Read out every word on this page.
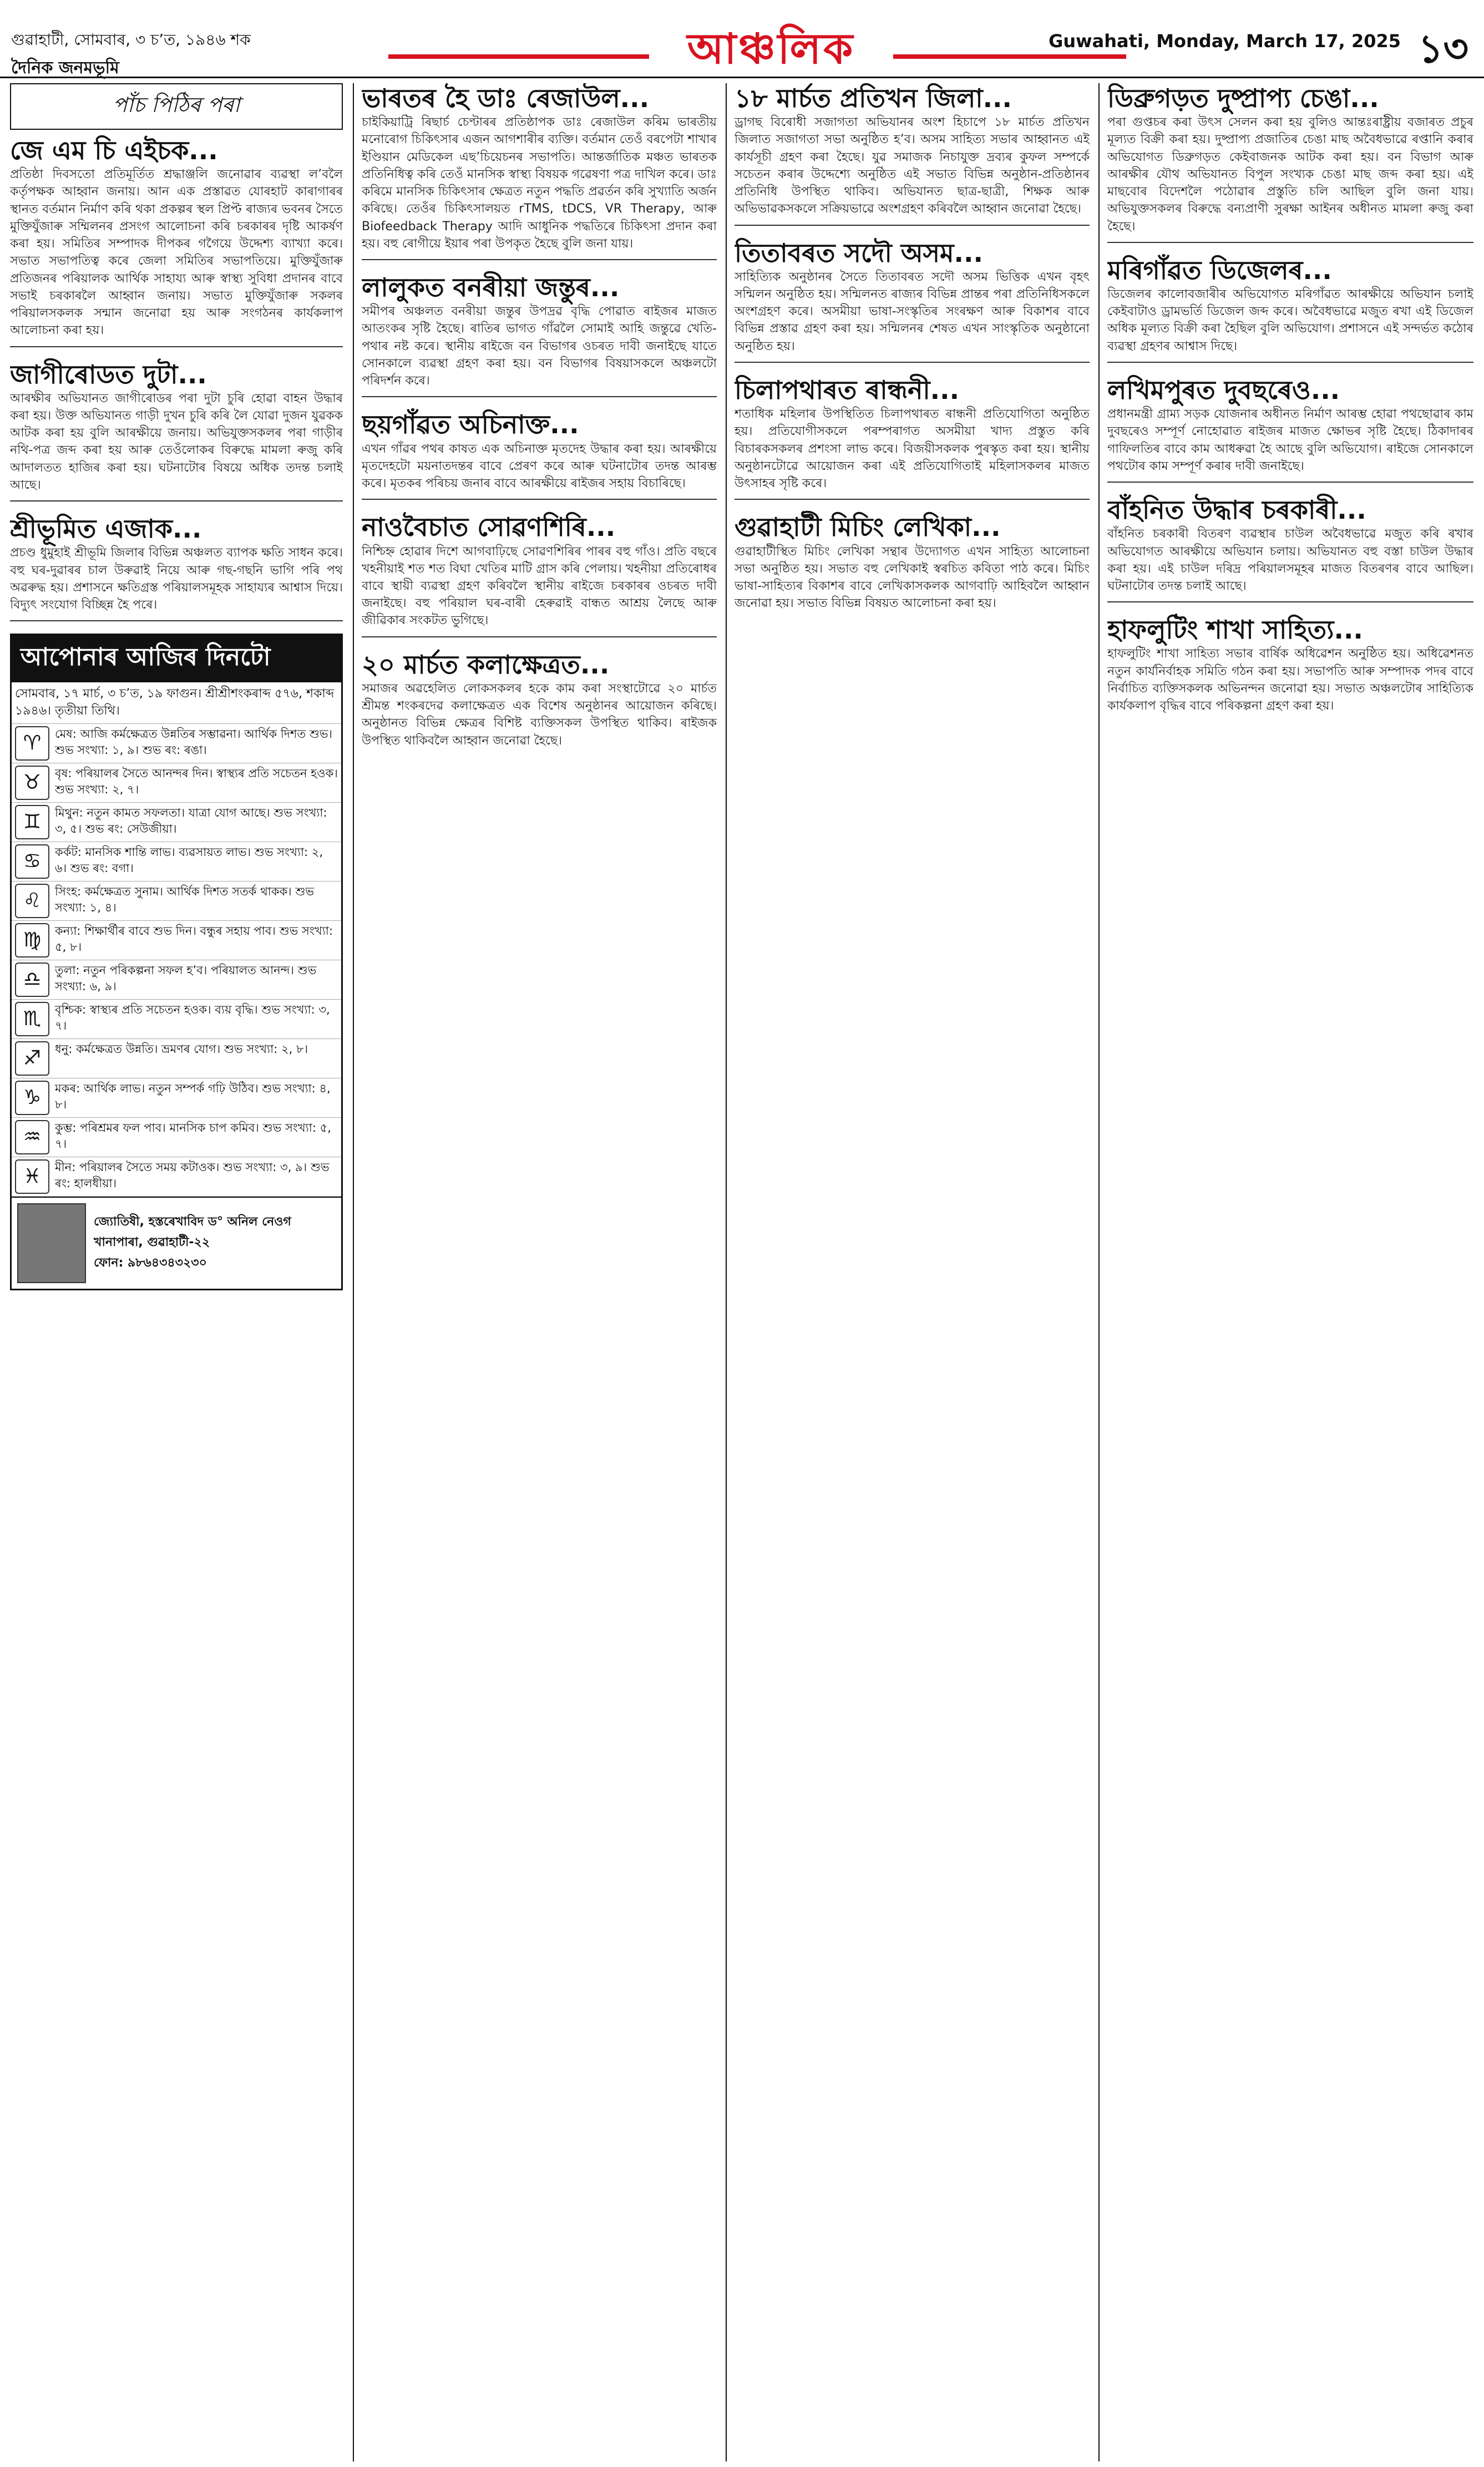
গুৱাহাটী, সোমবাৰ, ৩ চ’ত, ১৯৪৬ শক
দৈনিক জনমভূমি	আঞ্চলিক	Guwahati, Monday, March 17, 2025 ১৩
পাঁচ পিঠিৰ পৰা
জে এম চি এইচক...
প্ৰতিষ্ঠা দিবসতো প্ৰতিমূৰ্তিত শ্ৰদ্ধাঞ্জলি জনোৱাৰ ব্যৱস্থা ল’বলৈ কৰ্তৃপক্ষক আহ্বান জনায়। আন এক প্ৰস্তাৱত যোৰহাট কাৰাগাৰৰ স্থানত বৰ্তমান নিৰ্মাণ কৰি থকা প্ৰকল্পৰ স্থল প্ৰিপ্ট ৰাজ্যৰ ভবনৰ সৈতে মুক্তিযুঁজাৰু সম্মিলনৰ প্ৰসংগ আলোচনা কৰি চৰকাৰৰ দৃষ্টি আকৰ্ষণ কৰা হয়। সমিতিৰ সম্পাদক দীপকৰ গগৈয়ে উদ্দেশ্য ব্যাখ্যা কৰে। সভাত সভাপতিত্ব কৰে জেলা সমিতিৰ সভাপতিয়ে। মুক্তিযুঁজাৰু প্ৰতিজনৰ পৰিয়ালক আৰ্থিক সাহায্য আৰু স্বাস্থ্য সুবিধা প্ৰদানৰ বাবে সভাই চৰকাৰলৈ আহ্বান জনায়। সভাত মুক্তিযুঁজাৰু সকলৰ পৰিয়ালসকলক সন্মান জনোৱা হয় আৰু সংগঠনৰ কাৰ্যকলাপ আলোচনা কৰা হয়।
জাগীৰোডত দুটা...
আৰক্ষীৰ অভিযানত জাগীৰোডৰ পৰা দুটা চুৰি হোৱা বাহন উদ্ধাৰ কৰা হয়। উক্ত অভিযানত গাড়ী দুখন চুৰি কৰি লৈ যোৱা দুজন যুৱকক আটক কৰা হয় বুলি আৰক্ষীয়ে জনায়। অভিযুক্তসকলৰ পৰা গাড়ীৰ নথি-পত্ৰ জব্দ কৰা হয় আৰু তেওঁলোকৰ বিৰুদ্ধে মামলা ৰুজু কৰি আদালতত হাজিৰ কৰা হয়। ঘটনাটোৰ বিষয়ে অধিক তদন্ত চলাই আছে।
শ্ৰীভূমিত এজাক...
প্ৰচণ্ড ধুমুহাই শ্ৰীভূমি জিলাৰ বিভিন্ন অঞ্চলত ব্যাপক ক্ষতি সাধন কৰে। বহু ঘৰ-দুৱাৰৰ চাল উৰুৱাই নিয়ে আৰু গছ-গছনি ভাগি পৰি পথ অৱৰুদ্ধ হয়। প্ৰশাসনে ক্ষতিগ্ৰস্ত পৰিয়ালসমূহক সাহায্যৰ আশ্বাস দিয়ে। বিদ্যুৎ সংযোগ বিচ্ছিন্ন হৈ পৰে।
আপোনাৰ আজিৰ দিনটো
সোমবাৰ, ১৭ মাৰ্চ, ৩ চ’ত, ১৯ ফাগুন। শ্ৰীশ্ৰীশংকৰাব্দ ৫৭৬, শকাব্দ ১৯৪৬। তৃতীয়া তিথি।
♈	মেষ: আজি কৰ্মক্ষেত্ৰত উন্নতিৰ সম্ভাৱনা। আৰ্থিক দিশত শুভ। শুভ সংখ্যা: ১, ৯। শুভ ৰং: ৰঙা।
♉	বৃষ: পৰিয়ালৰ সৈতে আনন্দৰ দিন। স্বাস্থ্যৰ প্ৰতি সচেতন হওক। শুভ সংখ্যা: ২, ৭।
♊	মিথুন: নতুন কামত সফলতা। যাত্ৰা যোগ আছে। শুভ সংখ্যা: ৩, ৫। শুভ ৰং: সেউজীয়া।
♋	কৰ্কট: মানসিক শান্তি লাভ। ব্যৱসায়ত লাভ। শুভ সংখ্যা: ২, ৬। শুভ ৰং: বগা।
♌	সিংহ: কৰ্মক্ষেত্ৰত সুনাম। আৰ্থিক দিশত সতৰ্ক থাকক। শুভ সংখ্যা: ১, ৪।
♍	কন্যা: শিক্ষাৰ্থীৰ বাবে শুভ দিন। বন্ধুৰ সহায় পাব। শুভ সংখ্যা: ৫, ৮।
♎	তুলা: নতুন পৰিকল্পনা সফল হ’ব। পৰিয়ালত আনন্দ। শুভ সংখ্যা: ৬, ৯।
♏	বৃশ্চিক: স্বাস্থ্যৰ প্ৰতি সচেতন হওক। ব্যয় বৃদ্ধি। শুভ সংখ্যা: ৩, ৭।
♐	ধনু: কৰ্মক্ষেত্ৰত উন্নতি। ভ্ৰমণৰ যোগ। শুভ সংখ্যা: ২, ৮।
♑	মকৰ: আৰ্থিক লাভ। নতুন সম্পৰ্ক গঢ়ি উঠিব। শুভ সংখ্যা: ৪, ৮।
♒	কুম্ভ: পৰিশ্ৰমৰ ফল পাব। মানসিক চাপ কমিব। শুভ সংখ্যা: ৫, ৭।
♓	মীন: পৰিয়ালৰ সৈতে সময় কটাওক। শুভ সংখ্যা: ৩, ৯। শুভ ৰং: হালধীয়া।
জ্যোতিষী, হস্তৰেখাবিদ ড° অনিল নেওগ
খানাপাৰা, গুৱাহাটী-২২
ফোন: ৯৮৬৪৩৪৩২৩০
ভাৰতৰ হৈ ডাঃ ৰেজাউল...
চাইকিয়াট্ৰি ৰিছাৰ্চ চেণ্টাৰৰ প্ৰতিষ্ঠাপক ডাঃ ৰেজাউল কৰিম ভাৰতীয় মনোৰোগ চিকিৎসাৰ এজন আগশাৰীৰ ব্যক্তি। বৰ্তমান তেওঁ বৰপেটা শাখাৰ ইণ্ডিয়ান মেডিকেল এছ’চিয়েচনৰ সভাপতি। আন্তৰ্জাতিক মঞ্চত ভাৰতক প্ৰতিনিধিত্ব কৰি তেওঁ মানসিক স্বাস্থ্য বিষয়ক গৱেষণা পত্ৰ দাখিল কৰে। ডাঃ কৰিমে মানসিক চিকিৎসাৰ ক্ষেত্ৰত নতুন পদ্ধতি প্ৰৱৰ্তন কৰি সুখ্যাতি অৰ্জন কৰিছে। তেওঁৰ চিকিৎসালয়ত rTMS, tDCS, VR Therapy, আৰু Biofeedback Therapy আদি আধুনিক পদ্ধতিৰে চিকিৎসা প্ৰদান কৰা হয়। বহু ৰোগীয়ে ইয়াৰ পৰা উপকৃত হৈছে বুলি জনা যায়।
লালুকত বনৰীয়া জন্তুৰ...
সমীপৰ অঞ্চলত বনৰীয়া জন্তুৰ উপদ্ৰৱ বৃদ্ধি পোৱাত ৰাইজৰ মাজত আতংকৰ সৃষ্টি হৈছে। ৰাতিৰ ভাগত গাঁৱলৈ সোমাই আহি জন্তুৱে খেতি-পথাৰ নষ্ট কৰে। স্থানীয় ৰাইজে বন বিভাগৰ ওচৰত দাবী জনাইছে যাতে সোনকালে ব্যৱস্থা গ্ৰহণ কৰা হয়। বন বিভাগৰ বিষয়াসকলে অঞ্চলটো পৰিদৰ্শন কৰে।
ছয়গাঁৱত অচিনাক্ত...
এখন গাঁৱৰ পথৰ কাষত এক অচিনাক্ত মৃতদেহ উদ্ধাৰ কৰা হয়। আৰক্ষীয়ে মৃতদেহটো ময়নাতদন্তৰ বাবে প্ৰেৰণ কৰে আৰু ঘটনাটোৰ তদন্ত আৰম্ভ কৰে। মৃতকৰ পৰিচয় জনাৰ বাবে আৰক্ষীয়ে ৰাইজৰ সহায় বিচাৰিছে।
নাওবৈচাত সোৱণশিৰি...
নিশ্চিহ্ন হোৱাৰ দিশে আগবাঢ়িছে সোৱণশিৰিৰ পাৰৰ বহু গাঁও। প্ৰতি বছৰে খহনীয়াই শত শত বিঘা খেতিৰ মাটি গ্ৰাস কৰি পেলায়। খহনীয়া প্ৰতিৰোধৰ বাবে স্থায়ী ব্যৱস্থা গ্ৰহণ কৰিবলৈ স্থানীয় ৰাইজে চৰকাৰৰ ওচৰত দাবী জনাইছে। বহু পৰিয়াল ঘৰ-বাৰী হেৰুৱাই বান্ধত আশ্ৰয় লৈছে আৰু জীৱিকাৰ সংকটত ভুগিছে।
২০ মাৰ্চত কলাক্ষেত্ৰত...
সমাজৰ অৱহেলিত লোকসকলৰ হকে কাম কৰা সংস্থাটোৱে ২০ মাৰ্চত শ্ৰীমন্ত শংকৰদেৱ কলাক্ষেত্ৰত এক বিশেষ অনুষ্ঠানৰ আয়োজন কৰিছে। অনুষ্ঠানত বিভিন্ন ক্ষেত্ৰৰ বিশিষ্ট ব্যক্তিসকল উপস্থিত থাকিব। ৰাইজক উপস্থিত থাকিবলৈ আহ্বান জনোৱা হৈছে।
১৮ মাৰ্চত প্ৰতিখন জিলা...
ড্ৰাগছ বিৰোধী সজাগতা অভিযানৰ অংশ হিচাপে ১৮ মাৰ্চত প্ৰতিখন জিলাত সজাগতা সভা অনুষ্ঠিত হ’ব। অসম সাহিত্য সভাৰ আহ্বানত এই কাৰ্যসূচী গ্ৰহণ কৰা হৈছে। যুৱ সমাজক নিচাযুক্ত দ্ৰব্যৰ কুফল সম্পৰ্কে সচেতন কৰাৰ উদ্দেশ্যে অনুষ্ঠিত এই সভাত বিভিন্ন অনুষ্ঠান-প্ৰতিষ্ঠানৰ প্ৰতিনিধি উপস্থিত থাকিব। অভিযানত ছাত্ৰ-ছাত্ৰী, শিক্ষক আৰু অভিভাৱকসকলে সক্ৰিয়ভাৱে অংশগ্ৰহণ কৰিবলৈ আহ্বান জনোৱা হৈছে।
তিতাবৰত সদৌ অসম...
সাহিত্যিক অনুষ্ঠানৰ সৈতে তিতাবৰত সদৌ অসম ভিত্তিক এখন বৃহৎ সন্মিলন অনুষ্ঠিত হয়। সন্মিলনত ৰাজ্যৰ বিভিন্ন প্ৰান্তৰ পৰা প্ৰতিনিধিসকলে অংশগ্ৰহণ কৰে। অসমীয়া ভাষা-সংস্কৃতিৰ সংৰক্ষণ আৰু বিকাশৰ বাবে বিভিন্ন প্ৰস্তাৱ গ্ৰহণ কৰা হয়। সন্মিলনৰ শেষত এখন সাংস্কৃতিক অনুষ্ঠানো অনুষ্ঠিত হয়।
চিলাপথাৰত ৰান্ধনী...
শতাধিক মহিলাৰ উপস্থিতিত চিলাপথাৰত ৰান্ধনী প্ৰতিযোগিতা অনুষ্ঠিত হয়। প্ৰতিযোগীসকলে পৰম্পৰাগত অসমীয়া খাদ্য প্ৰস্তুত কৰি বিচাৰকসকলৰ প্ৰশংসা লাভ কৰে। বিজয়ীসকলক পুৰস্কৃত কৰা হয়। স্থানীয় অনুষ্ঠানটোৱে আয়োজন কৰা এই প্ৰতিযোগিতাই মহিলাসকলৰ মাজত উৎসাহৰ সৃষ্টি কৰে।
গুৱাহাটী মিচিং লেখিকা...
গুৱাহাটীস্থিত মিচিং লেখিকা সন্থাৰ উদ্যোগত এখন সাহিত্য আলোচনা সভা অনুষ্ঠিত হয়। সভাত বহু লেখিকাই স্বৰচিত কবিতা পাঠ কৰে। মিচিং ভাষা-সাহিত্যৰ বিকাশৰ বাবে লেখিকাসকলক আগবাঢ়ি আহিবলৈ আহ্বান জনোৱা হয়। সভাত বিভিন্ন বিষয়ত আলোচনা কৰা হয়।
ডিব্ৰুগড়ত দুষ্প্ৰাপ্য চেঙা...
পৰা গুপ্তচৰ কৰা উৎস সেলন কৰা হয় বুলিও আন্তঃৰাষ্ট্ৰীয় বজাৰত প্ৰচুৰ মূল্যত বিক্ৰী কৰা হয়। দুষ্প্ৰাপ্য প্ৰজাতিৰ চেঙা মাছ অবৈধভাৱে ৰপ্তানি কৰাৰ অভিযোগত ডিব্ৰুগড়ত কেইবাজনক আটক কৰা হয়। বন বিভাগ আৰু আৰক্ষীৰ যৌথ অভিযানত বিপুল সংখ্যক চেঙা মাছ জব্দ কৰা হয়। এই মাছবোৰ বিদেশলৈ পঠোৱাৰ প্ৰস্তুতি চলি আছিল বুলি জনা যায়। অভিযুক্তসকলৰ বিৰুদ্ধে বন্যপ্ৰাণী সুৰক্ষা আইনৰ অধীনত মামলা ৰুজু কৰা হৈছে।
মৰিগাঁৱত ডিজেলৰ...
ডিজেলৰ কালোবজাৰীৰ অভিযোগত মৰিগাঁৱত আৰক্ষীয়ে অভিযান চলাই কেইবাটাও ড্ৰামভৰ্তি ডিজেল জব্দ কৰে। অবৈধভাৱে মজুত ৰখা এই ডিজেল অধিক মূল্যত বিক্ৰী কৰা হৈছিল বুলি অভিযোগ। প্ৰশাসনে এই সন্দৰ্ভত কঠোৰ ব্যৱস্থা গ্ৰহণৰ আশ্বাস দিছে।
লখিমপুৰত দুবছৰেও...
প্ৰধানমন্ত্ৰী গ্ৰাম্য সড়ক যোজনাৰ অধীনত নিৰ্মাণ আৰম্ভ হোৱা পথছোৱাৰ কাম দুবছৰেও সম্পূৰ্ণ নোহোৱাত ৰাইজৰ মাজত ক্ষোভৰ সৃষ্টি হৈছে। ঠিকাদাৰৰ গাফিলতিৰ বাবে কাম আধৰুৱা হৈ আছে বুলি অভিযোগ। ৰাইজে সোনকালে পথটোৰ কাম সম্পূৰ্ণ কৰাৰ দাবী জনাইছে।
বাঁহনিত উদ্ধাৰ চৰকাৰী...
বাঁহনিত চৰকাৰী বিতৰণ ব্যৱস্থাৰ চাউল অবৈধভাৱে মজুত কৰি ৰখাৰ অভিযোগত আৰক্ষীয়ে অভিযান চলায়। অভিযানত বহু বস্তা চাউল উদ্ধাৰ কৰা হয়। এই চাউল দৰিদ্ৰ পৰিয়ালসমূহৰ মাজত বিতৰণৰ বাবে আছিল। ঘটনাটোৰ তদন্ত চলাই আছে।
হাফলুটিং শাখা সাহিত্য...
হাফলুটিং শাখা সাহিত্য সভাৰ বাৰ্ষিক অধিৱেশন অনুষ্ঠিত হয়। অধিৱেশনত নতুন কাৰ্যনিৰ্বাহক সমিতি গঠন কৰা হয়। সভাপতি আৰু সম্পাদক পদৰ বাবে নিৰ্বাচিত ব্যক্তিসকলক অভিনন্দন জনোৱা হয়। সভাত অঞ্চলটোৰ সাহিত্যিক কাৰ্যকলাপ বৃদ্ধিৰ বাবে পৰিকল্পনা গ্ৰহণ কৰা হয়।
